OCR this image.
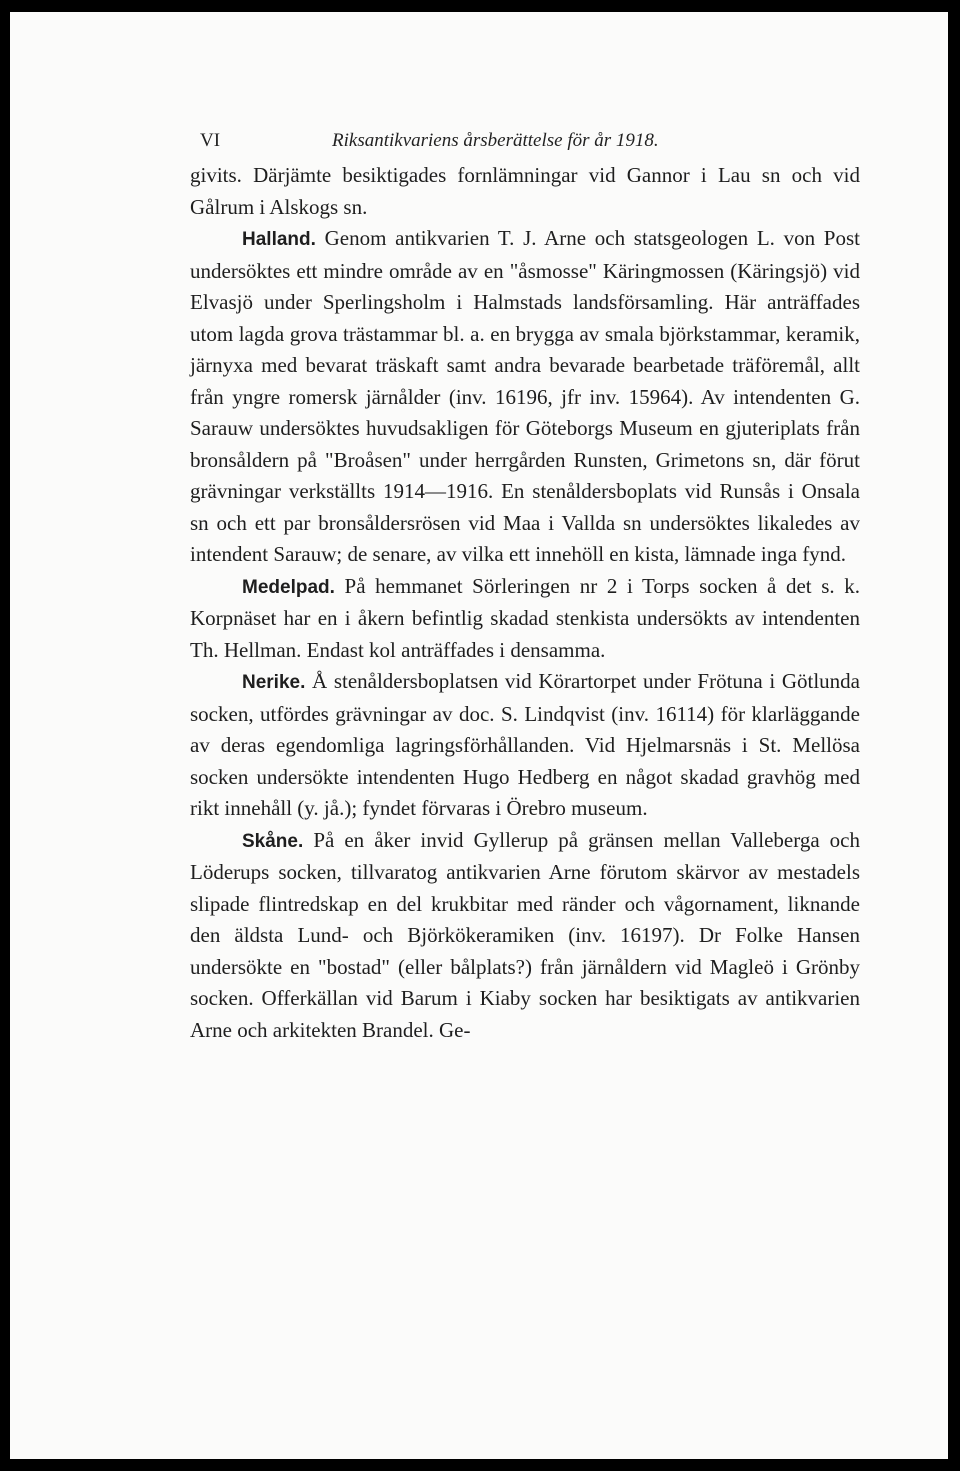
VI	Riksantikvariens årsberättelse för år 1918.

givits. Därjämte besiktigades fornlämningar vid Gannor i Lau sn och vid Gålrum i Alskogs sn.

Halland. Genom antikvarien T. J. Arne och statsgeologen L. von Post undersöktes ett mindre område av en "åsmosse" Käringmossen (Käringsjö) vid Elvasjö under Sperlingsholm i Halmstads landsförsamling. Här anträffades utom lagda grova trästammar bl. a. en brygga av smala björkstammar, keramik, järnyxa med bevarat träskaft samt andra bevarade bearbetade träföremål, allt från yngre romersk järnålder (inv. 16196, jfr inv. 15964). Av intendenten G. Sarauw undersöktes huvudsakligen för Göteborgs Museum en gjuteriplats från bronsåldern på "Broåsen" under herrgården Runsten, Grimetons sn, där förut grävningar verkställts 1914—1916. En stenåldersboplats vid Runsås i Onsala sn och ett par bronsåldersrösen vid Maa i Vallda sn undersöktes likaledes av intendent Sarauw; de senare, av vilka ett innehöll en kista, lämnade inga fynd.

Medelpad. På hemmanet Sörleringen nr 2 i Torps socken å det s. k. Korpnäset har en i åkern befintlig skadad stenkista undersökts av intendenten Th. Hellman. Endast kol anträffades i densamma.

Nerike. Å stenåldersboplatsen vid Körartorpet under Frötuna i Götlunda socken, utfördes grävningar av doc. S. Lindqvist (inv. 16114) för klarläggande av deras egendomliga lagringsförhållanden. Vid Hjelmarsnäs i St. Mellösa socken undersökte intendenten Hugo Hedberg en något skadad gravhög med rikt innehåll (y. jå.); fyndet förvaras i Örebro museum.

Skåne. På en åker invid Gyllerup på gränsen mellan Valleberga och Löderups socken, tillvaratog antikvarien Arne förutom skärvor av mestadels slipade flintredskap en del krukbitar med ränder och vågornament, liknande den äldsta Lund- och Björkökeramiken (inv. 16197). Dr Folke Hansen undersökte en "bostad" (eller bålplats?) från järnåldern vid Magleö i Grönby socken. Offerkällan vid Barum i Kiaby socken har besiktigats av antikvarien Arne och arkitekten Brandel. Ge-
